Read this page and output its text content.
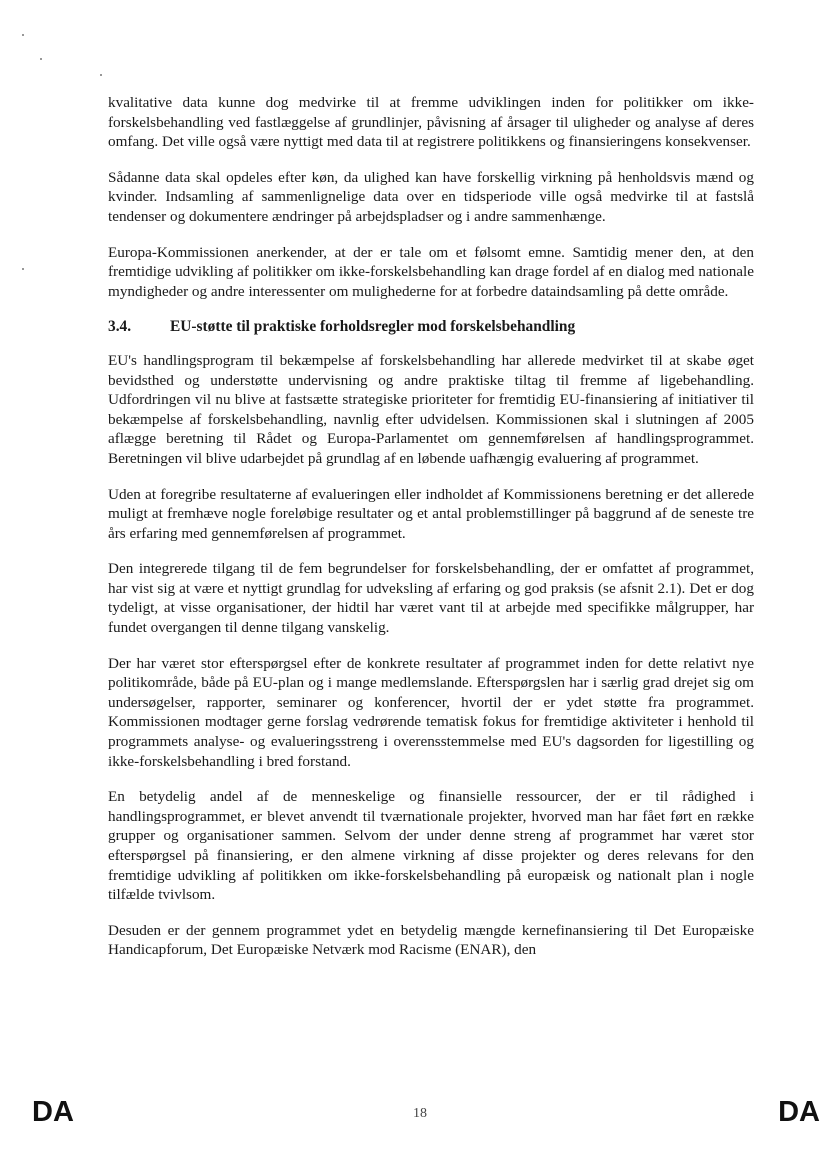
kvalitative data kunne dog medvirke til at fremme udviklingen inden for politikker om ikke-forskelsbehandling ved fastlæggelse af grundlinjer, påvisning af årsager til uligheder og analyse af deres omfang. Det ville også være nyttigt med data til at registrere politikkens og finansieringens konsekvenser.

Sådanne data skal opdeles efter køn, da ulighed kan have forskellig virkning på henholdsvis mænd og kvinder. Indsamling af sammenlignelige data over en tidsperiode ville også medvirke til at fastslå tendenser og dokumentere ændringer på arbejdspladser og i andre sammenhænge.

Europa-Kommissionen anerkender, at der er tale om et følsomt emne. Samtidig mener den, at den fremtidige udvikling af politikker om ikke-forskelsbehandling kan drage fordel af en dialog med nationale myndigheder og andre interessenter om mulighederne for at forbedre dataindsamling på dette område.

3.4.	EU-støtte til praktiske forholdsregler mod forskelsbehandling

EU's handlingsprogram til bekæmpelse af forskelsbehandling har allerede medvirket til at skabe øget bevidsthed og understøtte undervisning og andre praktiske tiltag til fremme af ligebehandling. Udfordringen vil nu blive at fastsætte strategiske prioriteter for fremtidig EU-finansiering af initiativer til bekæmpelse af forskelsbehandling, navnlig efter udvidelsen. Kommissionen skal i slutningen af 2005 aflægge beretning til Rådet og Europa-Parlamentet om gennemførelsen af handlingsprogrammet. Beretningen vil blive udarbejdet på grundlag af en løbende uafhængig evaluering af programmet.

Uden at foregribe resultaterne af evalueringen eller indholdet af Kommissionens beretning er det allerede muligt at fremhæve nogle foreløbige resultater og et antal problemstillinger på baggrund af de seneste tre års erfaring med gennemførelsen af programmet.

Den integrerede tilgang til de fem begrundelser for forskelsbehandling, der er omfattet af programmet, har vist sig at være et nyttigt grundlag for udveksling af erfaring og god praksis (se afsnit 2.1). Det er dog tydeligt, at visse organisationer, der hidtil har været vant til at arbejde med specifikke målgrupper, har fundet overgangen til denne tilgang vanskelig.

Der har været stor efterspørgsel efter de konkrete resultater af programmet inden for dette relativt nye politikområde, både på EU-plan og i mange medlemslande. Efterspørgslen har i særlig grad drejet sig om undersøgelser, rapporter, seminarer og konferencer, hvortil der er ydet støtte fra programmet. Kommissionen modtager gerne forslag vedrørende tematisk fokus for fremtidige aktiviteter i henhold til programmets analyse- og evalueringsstreng i overensstemmelse med EU's dagsorden for ligestilling og ikke-forskelsbehandling i bred forstand.

En betydelig andel af de menneskelige og finansielle ressourcer, der er til rådighed i handlingsprogrammet, er blevet anvendt til tværnationale projekter, hvorved man har fået ført en række grupper og organisationer sammen. Selvom der under denne streng af programmet har været stor efterspørgsel på finansiering, er den almene virkning af disse projekter og deres relevans for den fremtidige udvikling af politikken om ikke-forskelsbehandling på europæisk og nationalt plan i nogle tilfælde tvivlsom.

Desuden er der gennem programmet ydet en betydelig mængde kernefinansiering til Det Europæiske Handicapforum, Det Europæiske Netværk mod Racisme (ENAR), den

DA	18	DA
